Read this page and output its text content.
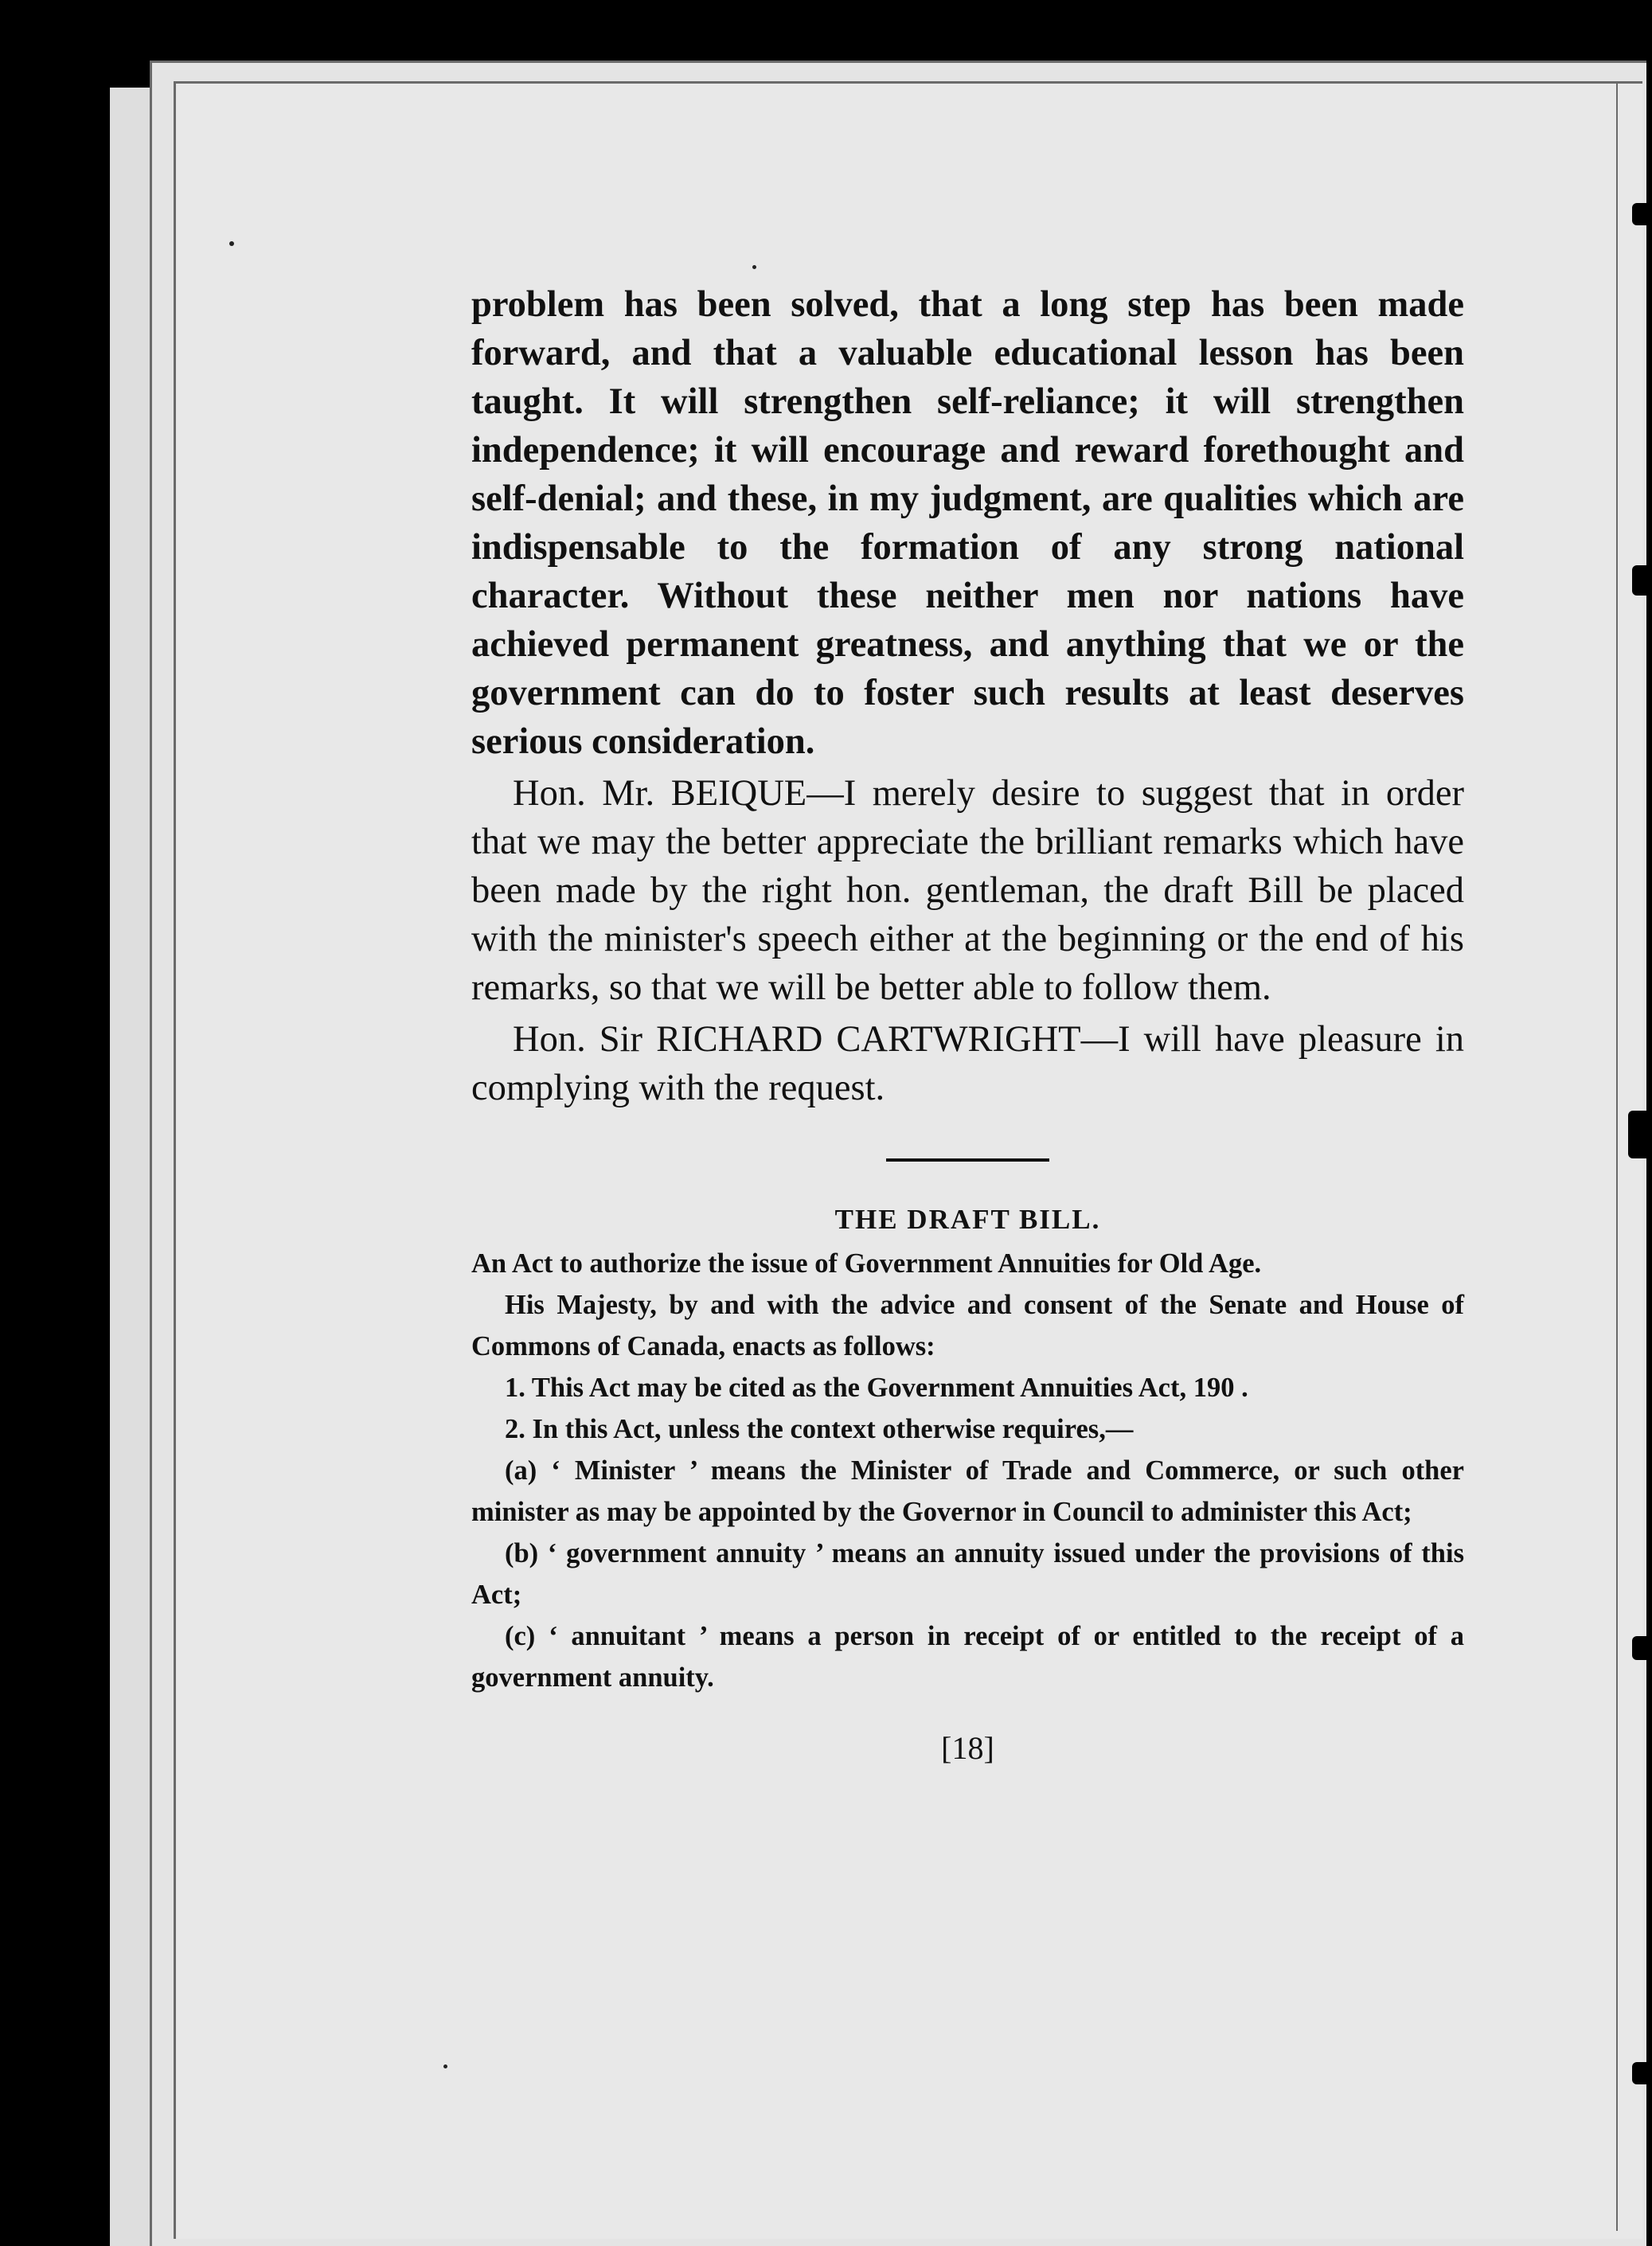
problem has been solved, that a long step has been made forward, and that a valuable educational lesson has been taught. It will strengthen self-reliance; it will strengthen independence; it will encourage and reward forethought and self-denial; and these, in my judgment, are qualities which are indispensable to the formation of any strong national character. Without these neither men nor nations have achieved permanent greatness, and anything that we or the government can do to foster such results at least deserves serious consideration.

Hon. Mr. BEIQUE—I merely desire to suggest that in order that we may the better appreciate the brilliant remarks which have been made by the right hon. gentleman, the draft Bill be placed with the minister's speech either at the beginning or the end of his remarks, so that we will be better able to follow them.

Hon. Sir RICHARD CARTWRIGHT—I will have pleasure in complying with the request.

THE DRAFT BILL.

An Act to authorize the issue of Government Annuities for Old Age.

His Majesty, by and with the advice and consent of the Senate and House of Commons of Canada, enacts as follows:

1. This Act may be cited as the Government Annuities Act, 190 .

2. In this Act, unless the context otherwise requires,—

(a) ‘ Minister ’ means the Minister of Trade and Commerce, or such other minister as may be appointed by the Governor in Council to administer this Act;

(b) ‘ government annuity ’ means an annuity issued under the provisions of this Act;

(c) ‘ annuitant ’ means a person in receipt of or entitled to the receipt of a government annuity.

[18]
